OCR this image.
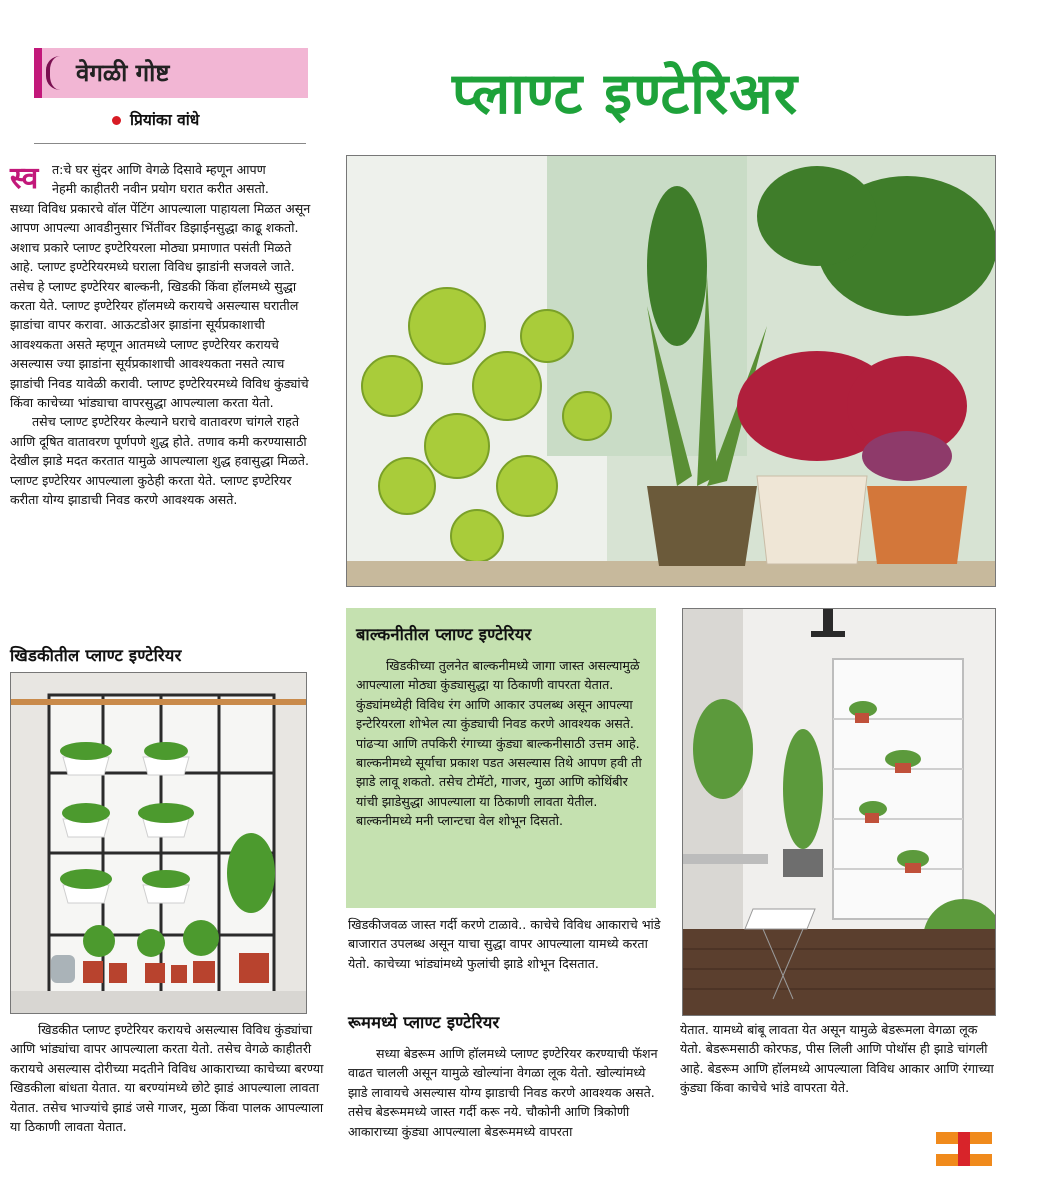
वेगळी गोष्ट
प्रियांका वांधे	प्लाण्ट इण्टेरिअर
स्व त:चे घर सुंदर आणि वेगळे दिसावे म्हणून आपण

नेहमी काहीतरी नवीन प्रयोग घरात करीत असतो.

सध्या विविध प्रकारचे वॉल पेंटिंग आपल्याला पाहायला मिळत असून आपण आपल्या आवडीनुसार भिंतींवर डिझाईनसुद्धा काढू शकतो. अशाच प्रकारे प्लाण्ट इण्टेरियरला मोठ्या प्रमाणात पसंती मिळते आहे. प्लाण्ट इण्टेरियरमध्ये घराला विविध झाडांनी सजवले जाते. तसेच हे प्लाण्ट इण्टेरियर बाल्कनी, खिडकी किंवा हॉलमध्ये सुद्धा करता येते. प्लाण्ट इण्टेरियर हॉलमध्ये करायचे असल्यास घरातील झाडांचा वापर करावा. आऊटडोअर झाडांना सूर्यप्रकाशाची आवश्यकता असते म्हणून आतमध्ये प्लाण्ट इण्टेरियर करायचे असल्यास ज्या झाडांना सूर्यप्रकाशाची आवश्यकता नसते त्याच झाडांची निवड यावेळी करावी. प्लाण्ट इण्टेरियरमध्ये विविध कुंड्यांचे किंवा काचेच्या भांड्याचा वापरसुद्धा आपल्याला करता येतो.

तसेच प्लाण्ट इण्टेरियर केल्याने घराचे वातावरण चांगले राहते आणि दूषित वातावरण पूर्णपणे शुद्ध होते. तणाव कमी करण्यासाठी देखील झाडे मदत करतात यामुळे आपल्याला शुद्ध हवासुद्धा मिळते. प्लाण्ट इण्टेरियर आपल्याला कुठेही करता येते. प्लाण्ट इण्टेरियर करीता योग्य झाडाची निवड करणे आवश्यक असते.

खिडकीतील प्लाण्ट इण्टेरियर

खिडकीत प्लाण्ट इण्टेरियर करायचे असल्यास विविध कुंड्यांचा आणि भांड्यांचा वापर आपल्याला करता येतो. तसेच वेगळे काहीतरी करायचे असल्यास दोरीच्या मदतीने विविध आकाराच्या काचेच्या बरण्या खिडकीला बांधता येतात. या बरण्यांमध्ये छोटे झाडं आपल्याला लावता येतात. तसेच भाज्यांचे झाडं जसे गाजर, मुळा किंवा पालक आपल्याला या ठिकाणी लावता येतात.

बाल्कनीतील प्लाण्ट इण्टेरियर

खिडकीच्या तुलनेत बाल्कनीमध्ये जागा जास्त असल्यामुळे आपल्याला मोठ्या कुंड्यासुद्धा या ठिकाणी वापरता येतात. कुंड्यांमध्येही विविध रंग आणि आकार उपलब्ध असून आपल्या इन्टेरियरला शोभेल त्या कुंड्याची निवड करणे आवश्यक असते. पांढऱ्या आणि तपकिरी रंगाच्या कुंड्या बाल्कनीसाठी उत्तम आहे. बाल्कनीमध्ये सूर्याचा प्रकाश पडत असल्यास तिथे आपण हवी ती झाडे लावू शकतो. तसेच टोमॅटो, गाजर, मुळा आणि कोथिंबीर यांची झाडेसुद्धा आपल्याला या ठिकाणी लावता येतील. बाल्कनीमध्ये मनी प्लान्टचा वेल शोभून दिसतो.

खिडकीजवळ जास्त गर्दी करणे टाळावे.. काचेचे विविध आकाराचे भांडे बाजारात उपलब्ध असून याचा सुद्धा वापर आपल्याला यामध्ये करता येतो. काचेच्या भांड्यांमध्ये फुलांची झाडे शोभून दिसतात.

रूममध्ये प्लाण्ट इण्टेरियर

सध्या बेडरूम आणि हॉलमध्ये प्लाण्ट इण्टेरियर करण्याची फॅशन वाढत चालली असून यामुळे खोल्यांना वेगळा लूक येतो. खोल्यांमध्ये झाडे लावायचे असल्यास योग्य झाडाची निवड करणे आवश्यक असते. तसेच बेडरूममध्ये जास्त गर्दी करू नये. चौकोनी आणि त्रिकोणी आकाराच्या कुंड्या आपल्याला बेडरूममध्ये वापरता

येतात. यामध्ये बांबू लावता येत असून यामुळे बेडरूमला वेगळा लूक येतो. बेडरूमसाठी कोरफड, पीस लिली आणि पोथॉस ही झाडे चांगली आहे. बेडरूम आणि हॉलमध्ये आपल्याला विविध आकार आणि रंगाच्या कुंड्या किंवा काचेचे भांडे वापरता येते.
